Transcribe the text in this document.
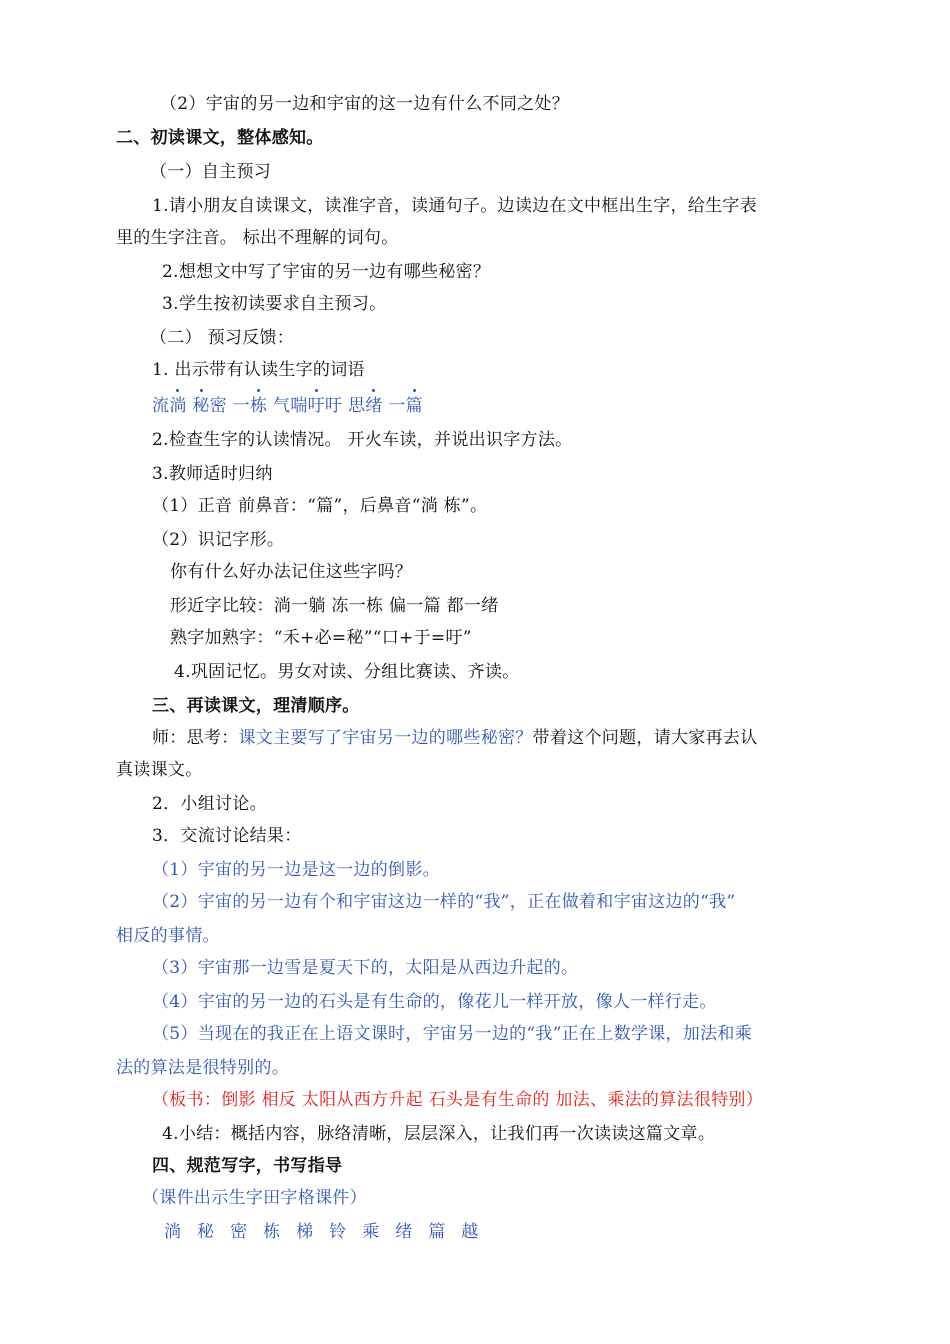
（2）宇宙的另一边和宇宙的这一边有什么不同之处？
二、初读课文，整体感知。
（一）自主预习
1.请小朋友自读课文，读准字音，读通句子。边读边在文中框出生字，给生字表
里的生字注音。 标出不理解的词句。
2.想想文中写了宇宙的另一边有哪些秘密？
3.学生按初读要求自主预习。
（二） 预习反馈：
1. 出示带有认读生字的词语
流淌 秘密 一栋 气喘吁吁 思绪 一篇
2.检查生字的认读情况。 开火车读，并说出识字方法。
3.教师适时归纳
（1）正音 前鼻音：“篇”，后鼻音“淌 栋”。
（2）识记字形。
你有什么好办法记住这些字吗？
形近字比较：淌一躺 冻一栋 偏一篇 都一绪
熟字加熟字：“禾+必=秘”“口+于=吁”
4.巩固记忆。男女对读、分组比赛读、齐读。
三、再读课文，理清顺序。
师：思考：课文主要写了宇宙另一边的哪些秘密？带着这个问题，请大家再去认
真读课文。
2．小组讨论。
3．交流讨论结果：
（1）宇宙的另一边是这一边的倒影。
（2）宇宙的另一边有个和宇宙这边一样的“我”，正在做着和宇宙这边的“我”
相反的事情。
（3）宇宙那一边雪是夏天下的，太阳是从西边升起的。
（4）宇宙的另一边的石头是有生命的，像花儿一样开放，像人一样行走。
（5）当现在的我正在上语文课时，宇宙另一边的“我”正在上数学课，加法和乘
法的算法是很特别的。
（板书：倒影 相反 太阳从西方升起 石头是有生命的 加法、乘法的算法很特别）
4.小结：概括内容，脉络清晰，层层深入，让我们再一次读读这篇文章。
四、规范写字，书写指导
（课件出示生字田字格课件）
淌 秘 密 栋 梯 铃 乘 绪 篇 越
